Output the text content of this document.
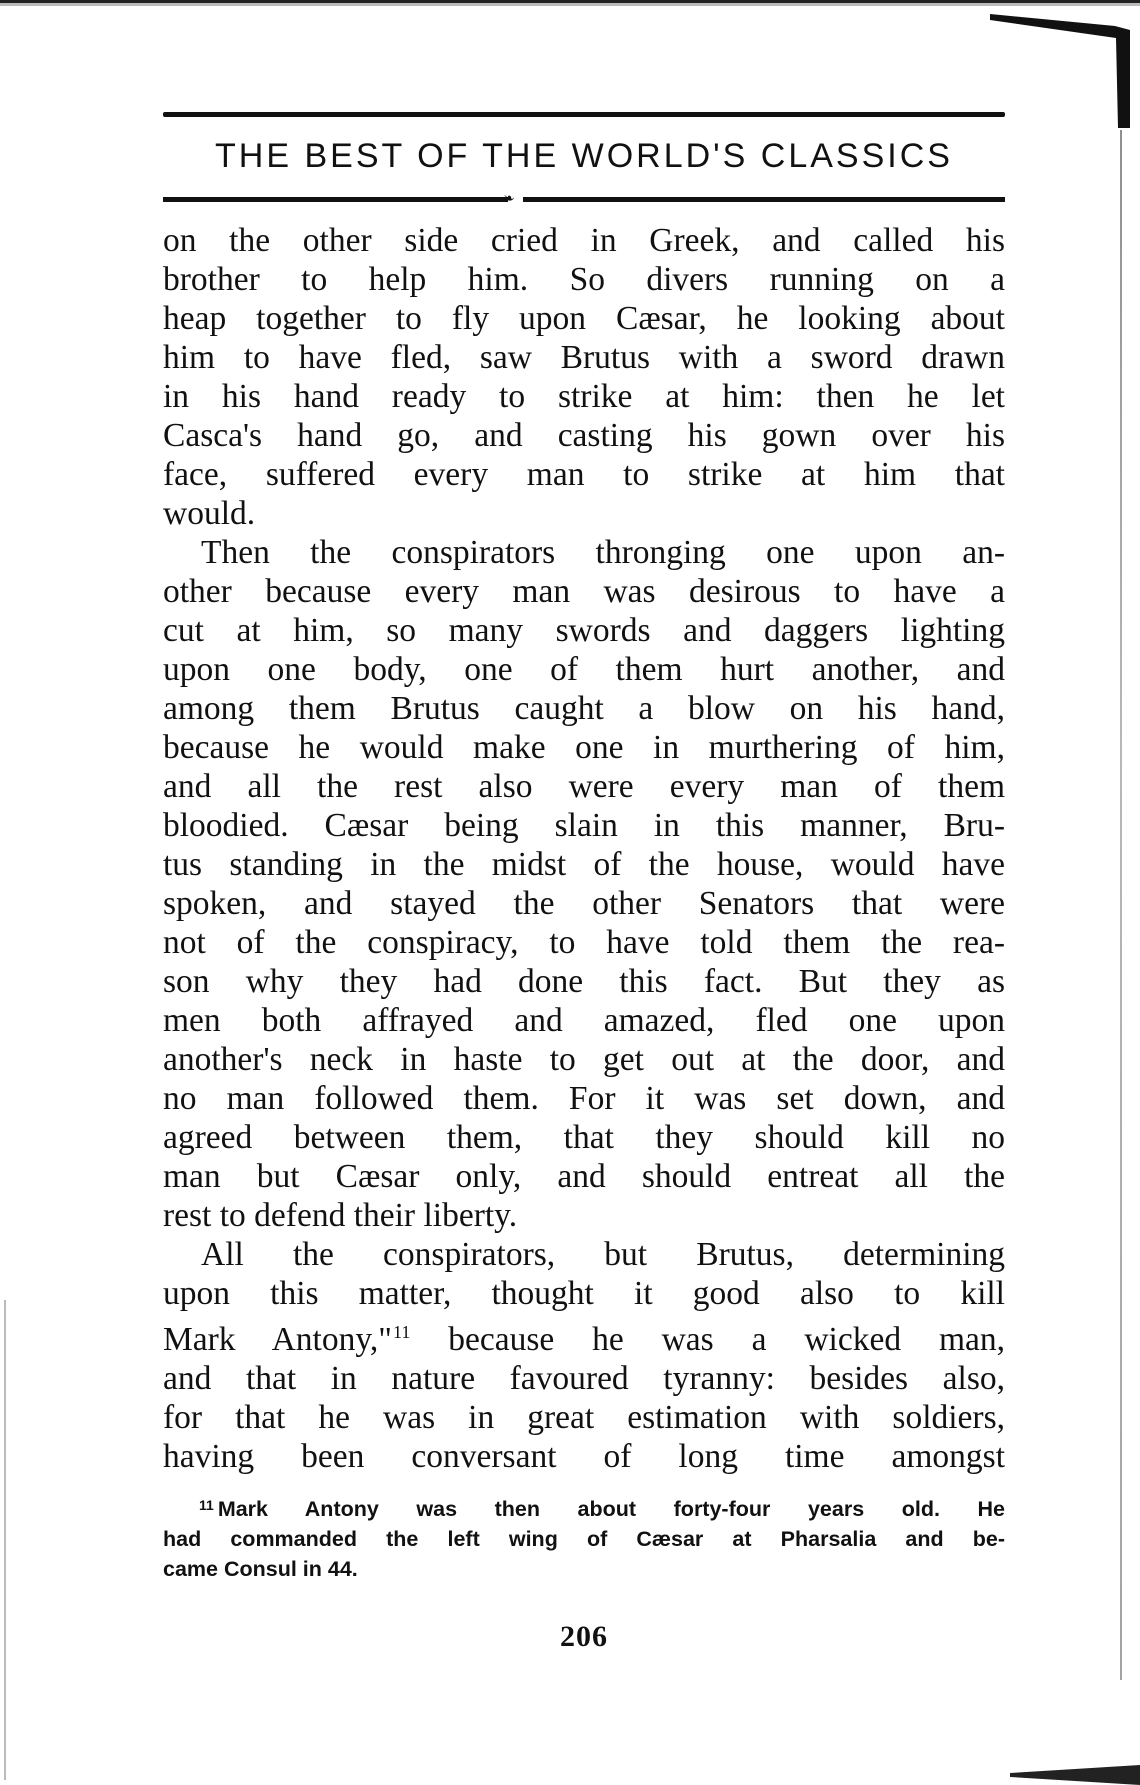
THE BEST OF THE WORLD'S CLASSICS
❧

on the other side cried in Greek, and called his
brother to help him. So divers running on a
heap together to fly upon Cæsar, he looking about
him to have fled, saw Brutus with a sword drawn
in his hand ready to strike at him: then he let
Casca's hand go, and casting his gown over his
face, suffered every man to strike at him that
would.

Then the conspirators thronging one upon an-
other because every man was desirous to have a
cut at him, so many swords and daggers lighting
upon one body, one of them hurt another, and
among them Brutus caught a blow on his hand,
because he would make one in murthering of him,
and all the rest also were every man of them
bloodied. Cæsar being slain in this manner, Bru-
tus standing in the midst of the house, would have
spoken, and stayed the other Senators that were
not of the conspiracy, to have told them the rea-
son why they had done this fact. But they as
men both affrayed and amazed, fled one upon
another's neck in haste to get out at the door, and
no man followed them. For it was set down, and
agreed between them, that they should kill no
man but Cæsar only, and should entreat all the
rest to defend their liberty.

All the conspirators, but Brutus, determining
upon this matter, thought it good also to kill
Mark Antony,"$^{11}$ because he was a wicked man,
and that in nature favoured tyranny: besides also,
for that he was in great estimation with soldiers,
having been conversant of long time amongst

$^{11}$ Mark Antony was then about forty-four years old. He
had commanded the left wing of Cæsar at Pharsalia and be-
came Consul in 44.
206
